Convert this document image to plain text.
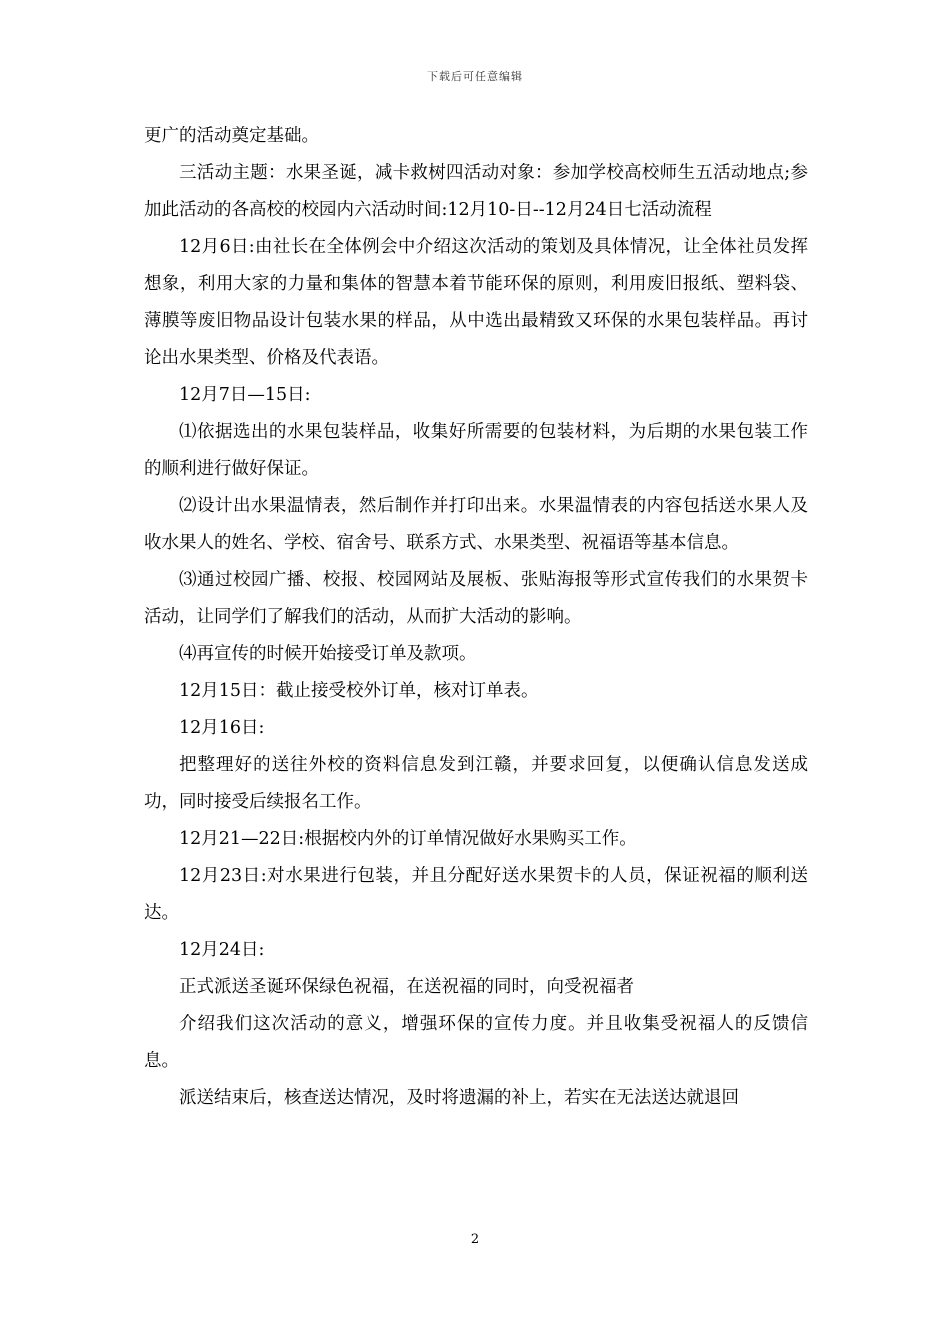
下载后可任意编辑

更广的活动奠定基础。

三活动主题：水果圣诞，减卡救树四活动对象：参加学校高校师生五活动地点;参加此活动的各高校的校园内六活动时间:12月10-日--12月24日七活动流程

12月6日:由社长在全体例会中介绍这次活动的策划及具体情况，让全体社员发挥想象，利用大家的力量和集体的智慧本着节能环保的原则，利用废旧报纸、塑料袋、薄膜等废旧物品设计包装水果的样品，从中选出最精致又环保的水果包装样品。再讨论出水果类型、价格及代表语。

12月7日—15日:

⑴依据选出的水果包装样品，收集好所需要的包装材料，为后期的水果包装工作的顺利进行做好保证。

⑵设计出水果温情表，然后制作并打印出来。水果温情表的内容包括送水果人及收水果人的姓名、学校、宿舍号、联系方式、水果类型、祝福语等基本信息。

⑶通过校园广播、校报、校园网站及展板、张贴海报等形式宣传我们的水果贺卡活动，让同学们了解我们的活动，从而扩大活动的影响。

⑷再宣传的时候开始接受订单及款项。

12月15日：截止接受校外订单，核对订单表。

12月16日:

把整理好的送往外校的资料信息发到江赣，并要求回复，以便确认信息发送成功，同时接受后续报名工作。

12月21—22日:根据校内外的订单情况做好水果购买工作。

12月23日:对水果进行包装，并且分配好送水果贺卡的人员，保证祝福的顺利送达。

12月24日:

正式派送圣诞环保绿色祝福，在送祝福的同时，向受祝福者

介绍我们这次活动的意义，增强环保的宣传力度。并且收集受祝福人的反馈信息。

派送结束后，核查送达情况，及时将遗漏的补上，若实在无法送达就退回

2
